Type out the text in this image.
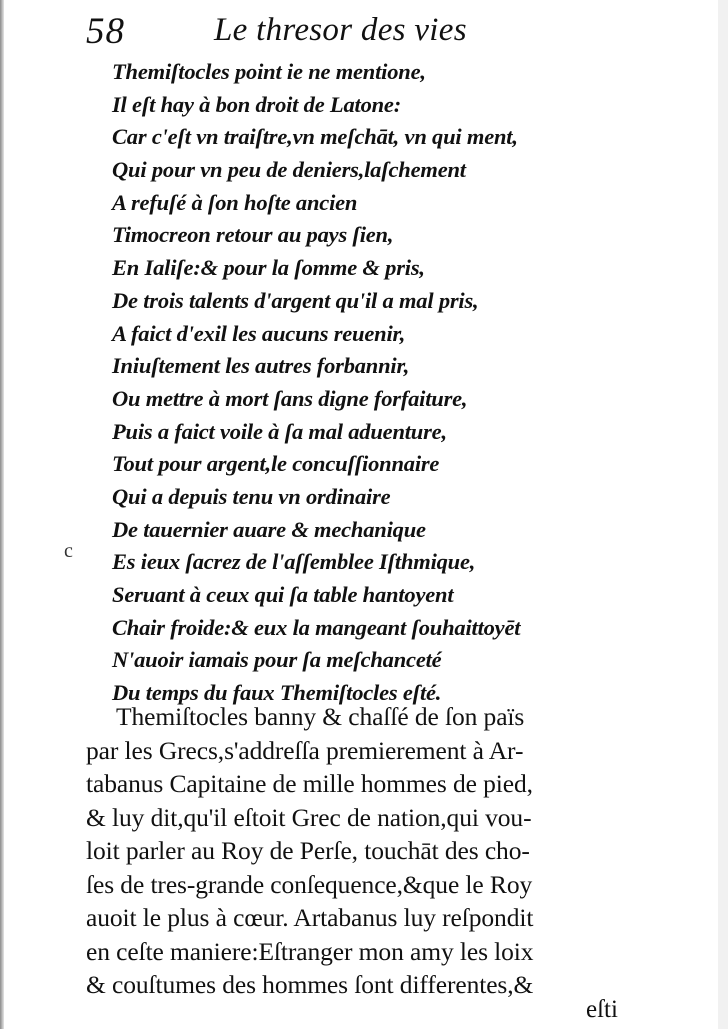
58	Le thresor des vies
c
Themiſtocles point ie ne mentione,
Il eſt hay à bon droit de Latone:
Car c'eſt vn traiſtre,vn meſchāt, vn qui ment,
Qui pour vn peu de deniers,laſchement
A refuſé à ſon hoſte ancien
Timocreon retour au pays ſien,
En Ialiſe:& pour la ſomme & pris,
De trois talents d'argent qu'il a mal pris,
A faict d'exil les aucuns reuenir,
Iniuſtement les autres forbannir,
Ou mettre à mort ſans digne forfaiture,
Puis a faict voile à ſa mal aduenture,
Tout pour argent,le concuſſionnaire
Qui a depuis tenu vn ordinaire
De tauernier auare & mechanique
Es ieux ſacrez de l'aſſemblee Iſthmique,
Seruant à ceux qui ſa table hantoyent
Chair froide:& eux la mangeant ſouhaittoyēt
N'auoir iamais pour ſa meſchanceté
Du temps du faux Themiſtocles eſté.
Themiſtocles banny & chaſſé de ſon païs
par les Grecs,s'addreſſa premierement à Ar-
tabanus Capitaine de mille hommes de pied,
& luy dit,qu'il eſtoit Grec de nation,qui vou-
loit parler au Roy de Perſe, touchāt des cho-
ſes de tres-grande conſequence,&que le Roy
auoit le plus à cœur. Artabanus luy reſpondit
en ceſte maniere:Eſtranger mon amy les loix
& couſtumes des hommes ſont differentes,&
eſti
